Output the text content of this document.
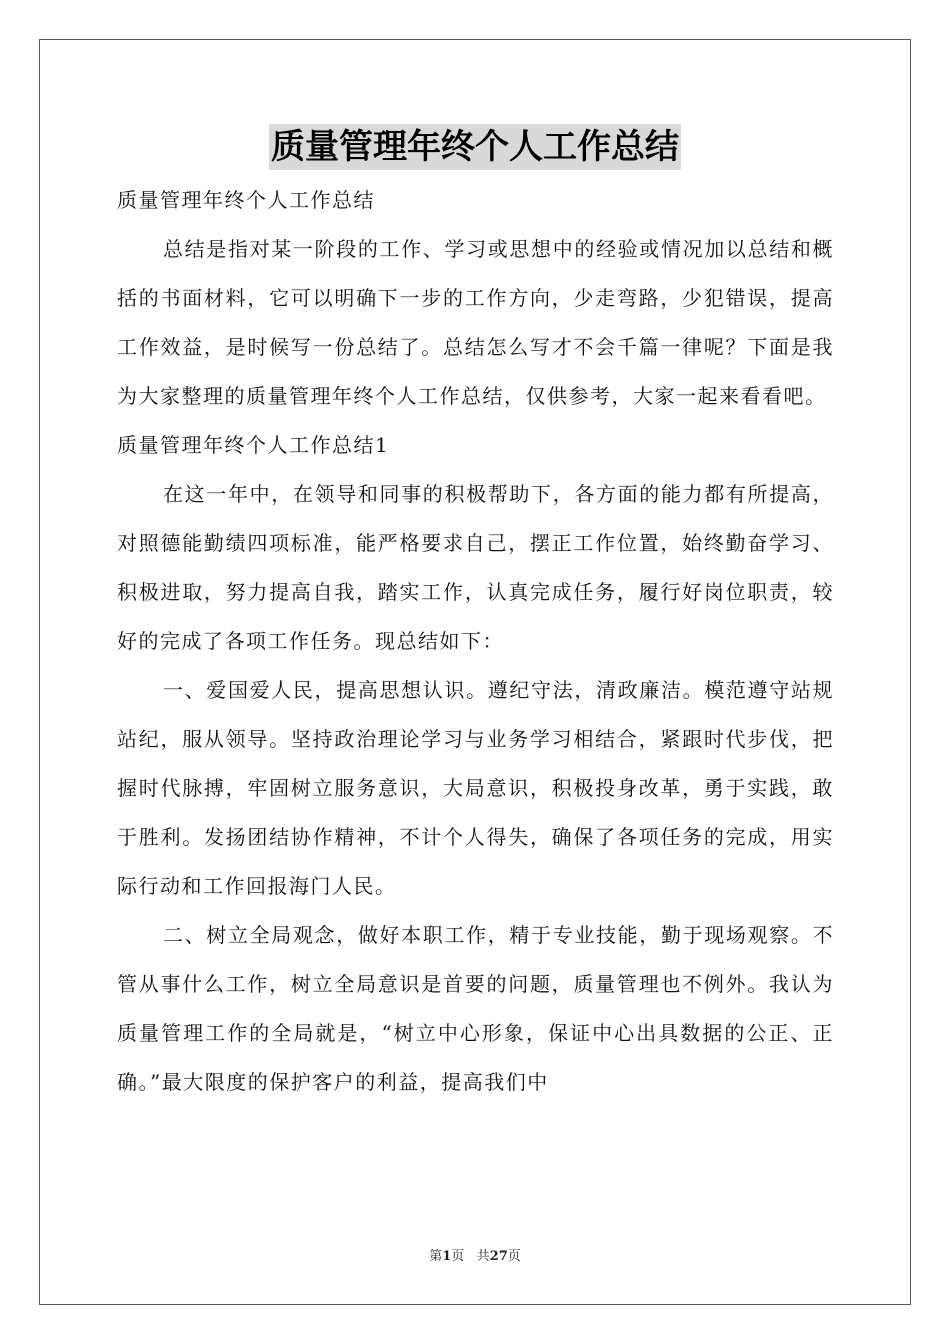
质量管理年终个人工作总结

质量管理年终个人工作总结

总结是指对某一阶段的工作、学习或思想中的经验或情况加以总结和概括的书面材料，它可以明确下一步的工作方向，少走弯路，少犯错误，提高工作效益，是时候写一份总结了。总结怎么写才不会千篇一律呢？下面是我为大家整理的质量管理年终个人工作总结，仅供参考，大家一起来看看吧。

质量管理年终个人工作总结1

在这一年中，在领导和同事的积极帮助下，各方面的能力都有所提高，对照德能勤绩四项标准，能严格要求自己，摆正工作位置，始终勤奋学习、积极进取，努力提高自我，踏实工作，认真完成任务，履行好岗位职责，较好的完成了各项工作任务。现总结如下：

一、爱国爱人民，提高思想认识。遵纪守法，清政廉洁。模范遵守站规站纪，服从领导。坚持政治理论学习与业务学习相结合，紧跟时代步伐，把握时代脉搏，牢固树立服务意识，大局意识，积极投身改革，勇于实践，敢于胜利。发扬团结协作精神，不计个人得失，确保了各项任务的完成，用实际行动和工作回报海门人民。

二、树立全局观念，做好本职工作，精于专业技能，勤于现场观察。不管从事什么工作，树立全局意识是首要的问题，质量管理也不例外。我认为质量管理工作的全局就是，“树立中心形象，保证中心出具数据的公正、正确。”最大限度的保护客户的利益，提高我们中

第1页 共27页
